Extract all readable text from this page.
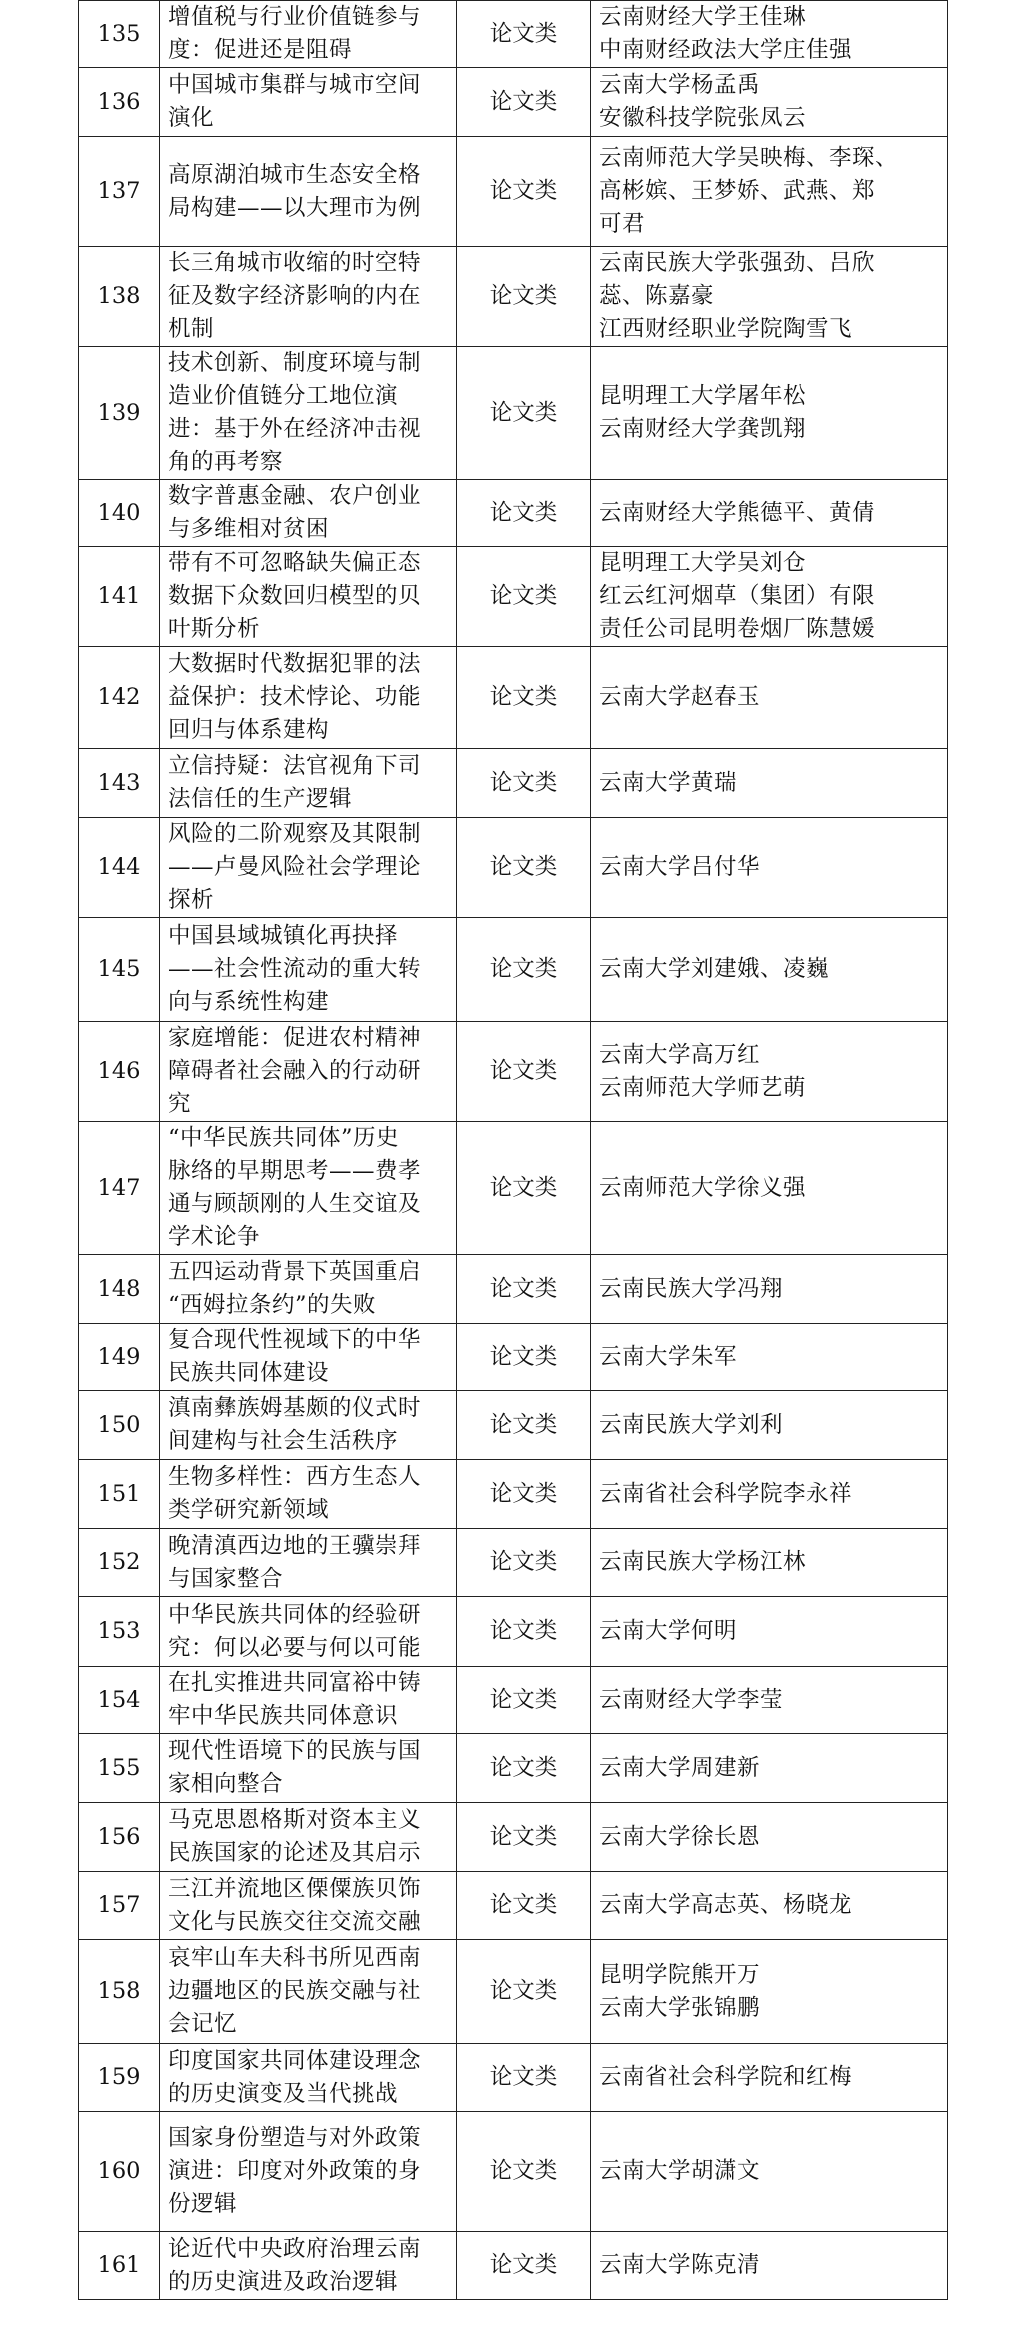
135	增值税与行业价值链参与
度：促进还是阻碍	论文类	云南财经大学王佳琳
中南财经政法大学庄佳强

136	中国城市集群与城市空间
演化	论文类	云南大学杨孟禹
安徽科技学院张凤云

137	高原湖泊城市生态安全格
局构建——以大理市为例	论文类	云南师范大学吴映梅、李琛、
高彬嫔、王梦娇、武燕、郑
可君

138	长三角城市收缩的时空特
征及数字经济影响的内在
机制	论文类	云南民族大学张强劲、吕欣
蕊、陈嘉豪
江西财经职业学院陶雪飞

139	技术创新、制度环境与制
造业价值链分工地位演
进：基于外在经济冲击视
角的再考察	论文类	昆明理工大学屠年松
云南财经大学龚凯翔

140	数字普惠金融、农户创业
与多维相对贫困	论文类	云南财经大学熊德平、黄倩

141	带有不可忽略缺失偏正态
数据下众数回归模型的贝
叶斯分析	论文类	昆明理工大学吴刘仓
红云红河烟草（集团）有限
责任公司昆明卷烟厂陈慧媛

142	大数据时代数据犯罪的法
益保护：技术悖论、功能
回归与体系建构	论文类	云南大学赵春玉

143	立信持疑：法官视角下司
法信任的生产逻辑	论文类	云南大学黄瑞

144	风险的二阶观察及其限制
——卢曼风险社会学理论
探析	论文类	云南大学吕付华

145	中国县域城镇化再抉择
——社会性流动的重大转
向与系统性构建	论文类	云南大学刘建娥、凌巍

146	家庭增能：促进农村精神
障碍者社会融入的行动研
究	论文类	云南大学高万红
云南师范大学师艺萌

147	“中华民族共同体”历史
脉络的早期思考——费孝
通与顾颉刚的人生交谊及
学术论争	论文类	云南师范大学徐义强

148	五四运动背景下英国重启
“西姆拉条约”的失败	论文类	云南民族大学冯翔

149	复合现代性视域下的中华
民族共同体建设	论文类	云南大学朱军

150	滇南彝族姆基颇的仪式时
间建构与社会生活秩序	论文类	云南民族大学刘利

151	生物多样性：西方生态人
类学研究新领域	论文类	云南省社会科学院李永祥

152	晚清滇西边地的王骥崇拜
与国家整合	论文类	云南民族大学杨江林

153	中华民族共同体的经验研
究：何以必要与何以可能	论文类	云南大学何明

154	在扎实推进共同富裕中铸
牢中华民族共同体意识	论文类	云南财经大学李莹

155	现代性语境下的民族与国
家相向整合	论文类	云南大学周建新

156	马克思恩格斯对资本主义
民族国家的论述及其启示	论文类	云南大学徐长恩

157	三江并流地区傈僳族贝饰
文化与民族交往交流交融	论文类	云南大学高志英、杨晓龙

158	哀牢山车夫科书所见西南
边疆地区的民族交融与社
会记忆	论文类	昆明学院熊开万
云南大学张锦鹏

159	印度国家共同体建设理念
的历史演变及当代挑战	论文类	云南省社会科学院和红梅

160	国家身份塑造与对外政策
演进：印度对外政策的身
份逻辑	论文类	云南大学胡潇文

161	论近代中央政府治理云南
的历史演进及政治逻辑	论文类	云南大学陈克清
